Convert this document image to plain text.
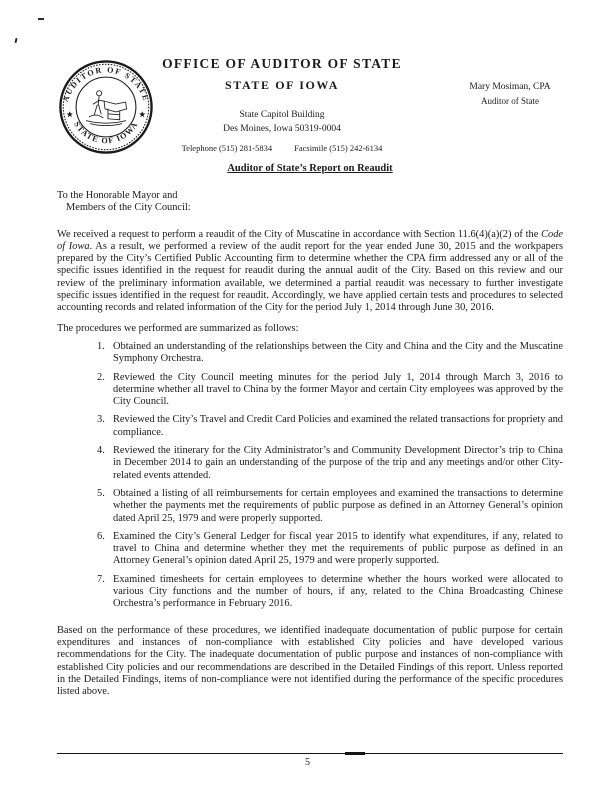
AUDITOR OF STATE
STATE OF IOWA
OFFICE OF AUDITOR OF STATE
STATE OF IOWA
State Capitol Building
Des Moines, Iowa 50319-0004
Telephone (515) 281-5834	Facsimile (515) 242-6134
Mary Mosiman, CPA
Auditor of State
Auditor of State’s Report on Reaudit
To the Honorable Mayor and
Members of the City Council:

We received a request to perform a reaudit of the City of Muscatine in accordance with Section 11.6(4)(a)(2) of the Code of Iowa. As a result, we performed a review of the audit report for the year ended June 30, 2015 and the workpapers prepared by the City’s Certified Public Accounting firm to determine whether the CPA firm addressed any or all of the specific issues identified in the request for reaudit during the annual audit of the City. Based on this review and our review of the preliminary information available, we determined a partial reaudit was necessary to further investigate specific issues identified in the request for reaudit. Accordingly, we have applied certain tests and procedures to selected accounting records and related information of the City for the period July 1, 2014 through June 30, 2016.

The procedures we performed are summarized as follows:

1. Obtained an understanding of the relationships between the City and China and the City and the Muscatine Symphony Orchestra.
2. Reviewed the City Council meeting minutes for the period July 1, 2014 through March 3, 2016 to determine whether all travel to China by the former Mayor and certain City employees was approved by the City Council.
3. Reviewed the City’s Travel and Credit Card Policies and examined the related transactions for propriety and compliance.
4. Reviewed the itinerary for the City Administrator’s and Community Development Director’s trip to China in December 2014 to gain an understanding of the purpose of the trip and any meetings and/or other City-related events attended.
5. Obtained a listing of all reimbursements for certain employees and examined the transactions to determine whether the payments met the requirements of public purpose as defined in an Attorney General’s opinion dated April 25, 1979 and were properly supported.
6. Examined the City’s General Ledger for fiscal year 2015 to identify what expenditures, if any, related to travel to China and determine whether they met the requirements of public purpose as defined in an Attorney General’s opinion dated April 25, 1979 and were properly supported.
7. Examined timesheets for certain employees to determine whether the hours worked were allocated to various City functions and the number of hours, if any, related to the China Broadcasting Chinese Orchestra’s performance in February 2016.

Based on the performance of these procedures, we identified inadequate documentation of public purpose for certain expenditures and instances of non-compliance with established City policies and have developed various recommendations for the City. The inadequate documentation of public purpose and instances of non-compliance with established City policies and our recommendations are described in the Detailed Findings of this report. Unless reported in the Detailed Findings, items of non-compliance were not identified during the performance of the specific procedures listed above.

5
